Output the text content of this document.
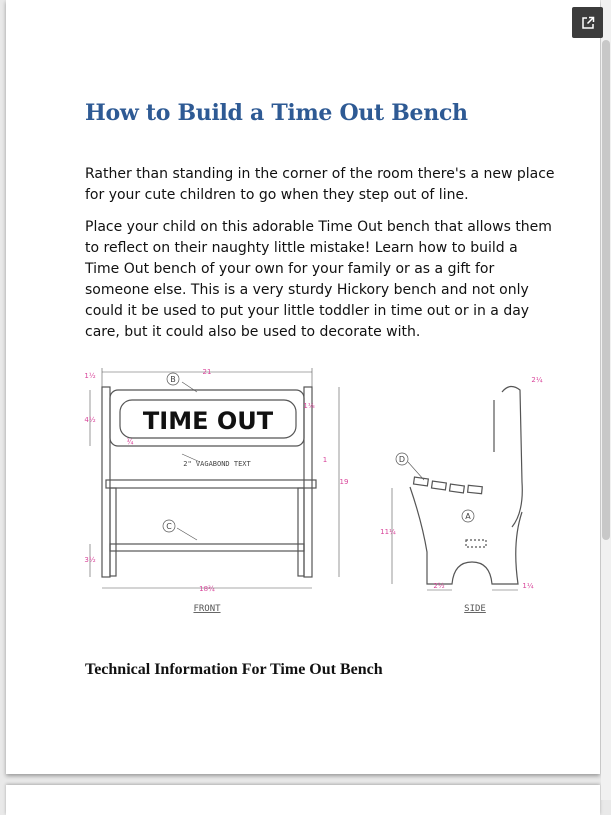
How to Build a Time Out Bench

Rather than standing in the corner of the room there's a new place for your cute children to go when they step out of line.

Place your child on this adorable Time Out bench that allows them to reflect on their naughty little mistake! Learn how to build a Time Out bench of your own for your family or as a gift for someone else. This is a very sturdy Hickory bench and not only could it be used to put your little toddler in time out or in a day care, but it could also be used to decorate with.

TIME OUT
2" VAGABOND TEXT
B
C
D
A
21
19
18¾
1½
4½
3½
11¼
2¼
2½	1¼
¾
1⅛
1
FRONT	SIDE
Technical Information For Time Out Bench
